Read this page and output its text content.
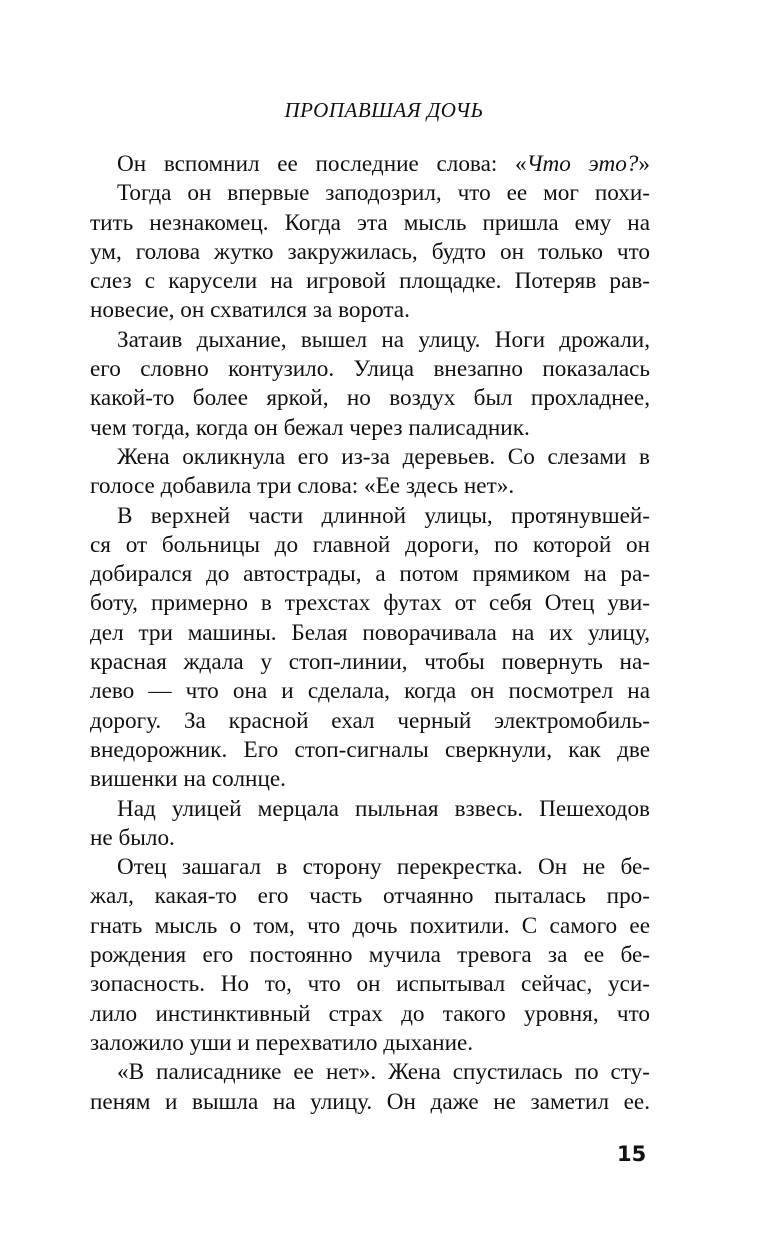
ПРОПАВШАЯ ДОЧЬ
Он вспомнил ее последние слова: «Что это?»
Тогда он впервые заподозрил, что ее мог похи-
тить незнакомец. Когда эта мысль пришла ему на
ум, голова жутко закружилась, будто он только что
слез с карусели на игровой площадке. Потеряв рав-
новесие, он схватился за ворота.
Затаив дыхание, вышел на улицу. Ноги дрожали,
его словно контузило. Улица внезапно показалась
какой-то более яркой, но воздух был прохладнее,
чем тогда, когда он бежал через палисадник.
Жена окликнула его из-за деревьев. Со слезами в
голосе добавила три слова: «Ее здесь нет».
В верхней части длинной улицы, протянувшей-
ся от больницы до главной дороги, по которой он
добирался до автострады, а потом прямиком на ра-
боту, примерно в трехстах футах от себя Отец уви-
дел три машины. Белая поворачивала на их улицу,
красная ждала у стоп-линии, чтобы повернуть на-
лево — что она и сделала, когда он посмотрел на
дорогу. За красной ехал черный электромобиль-
внедорожник. Его стоп-сигналы сверкнули, как две
вишенки на солнце.
Над улицей мерцала пыльная взвесь. Пешеходов
не было.
Отец зашагал в сторону перекрестка. Он не бе-
жал, какая-то его часть отчаянно пыталась про-
гнать мысль о том, что дочь похитили. С самого ее
рождения его постоянно мучила тревога за ее бе-
зопасность. Но то, что он испытывал сейчас, уси-
лило инстинктивный страх до такого уровня, что
заложило уши и перехватило дыхание.
«В палисаднике ее нет». Жена спустилась по сту-
пеням и вышла на улицу. Он даже не заметил ее.
15
